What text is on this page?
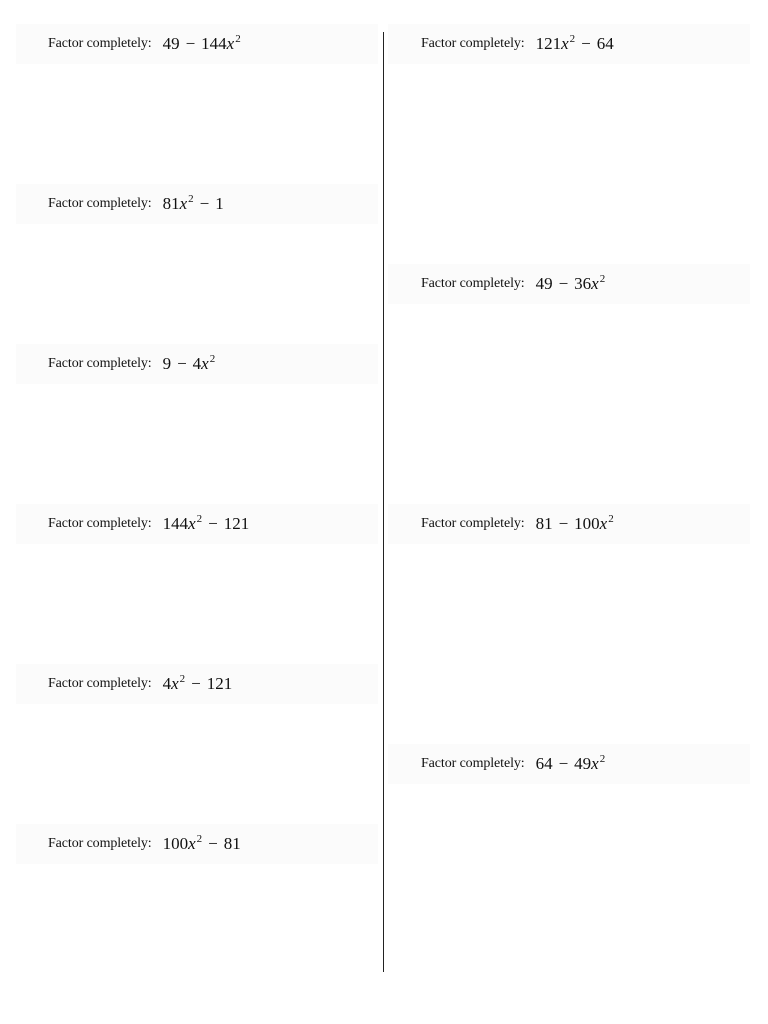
Factor completely: 49 − 144 x 2
Factor completely: 81 x 2 − 1
Factor completely: 9 − 4 x 2
Factor completely: 144 x 2 − 121
Factor completely: 4 x 2 − 121
Factor completely: 100 x 2 − 81
Factor completely: 121 x 2 − 64
Factor completely: 49 − 36 x 2
Factor completely: 81 − 100 x 2
Factor completely: 64 − 49 x 2
